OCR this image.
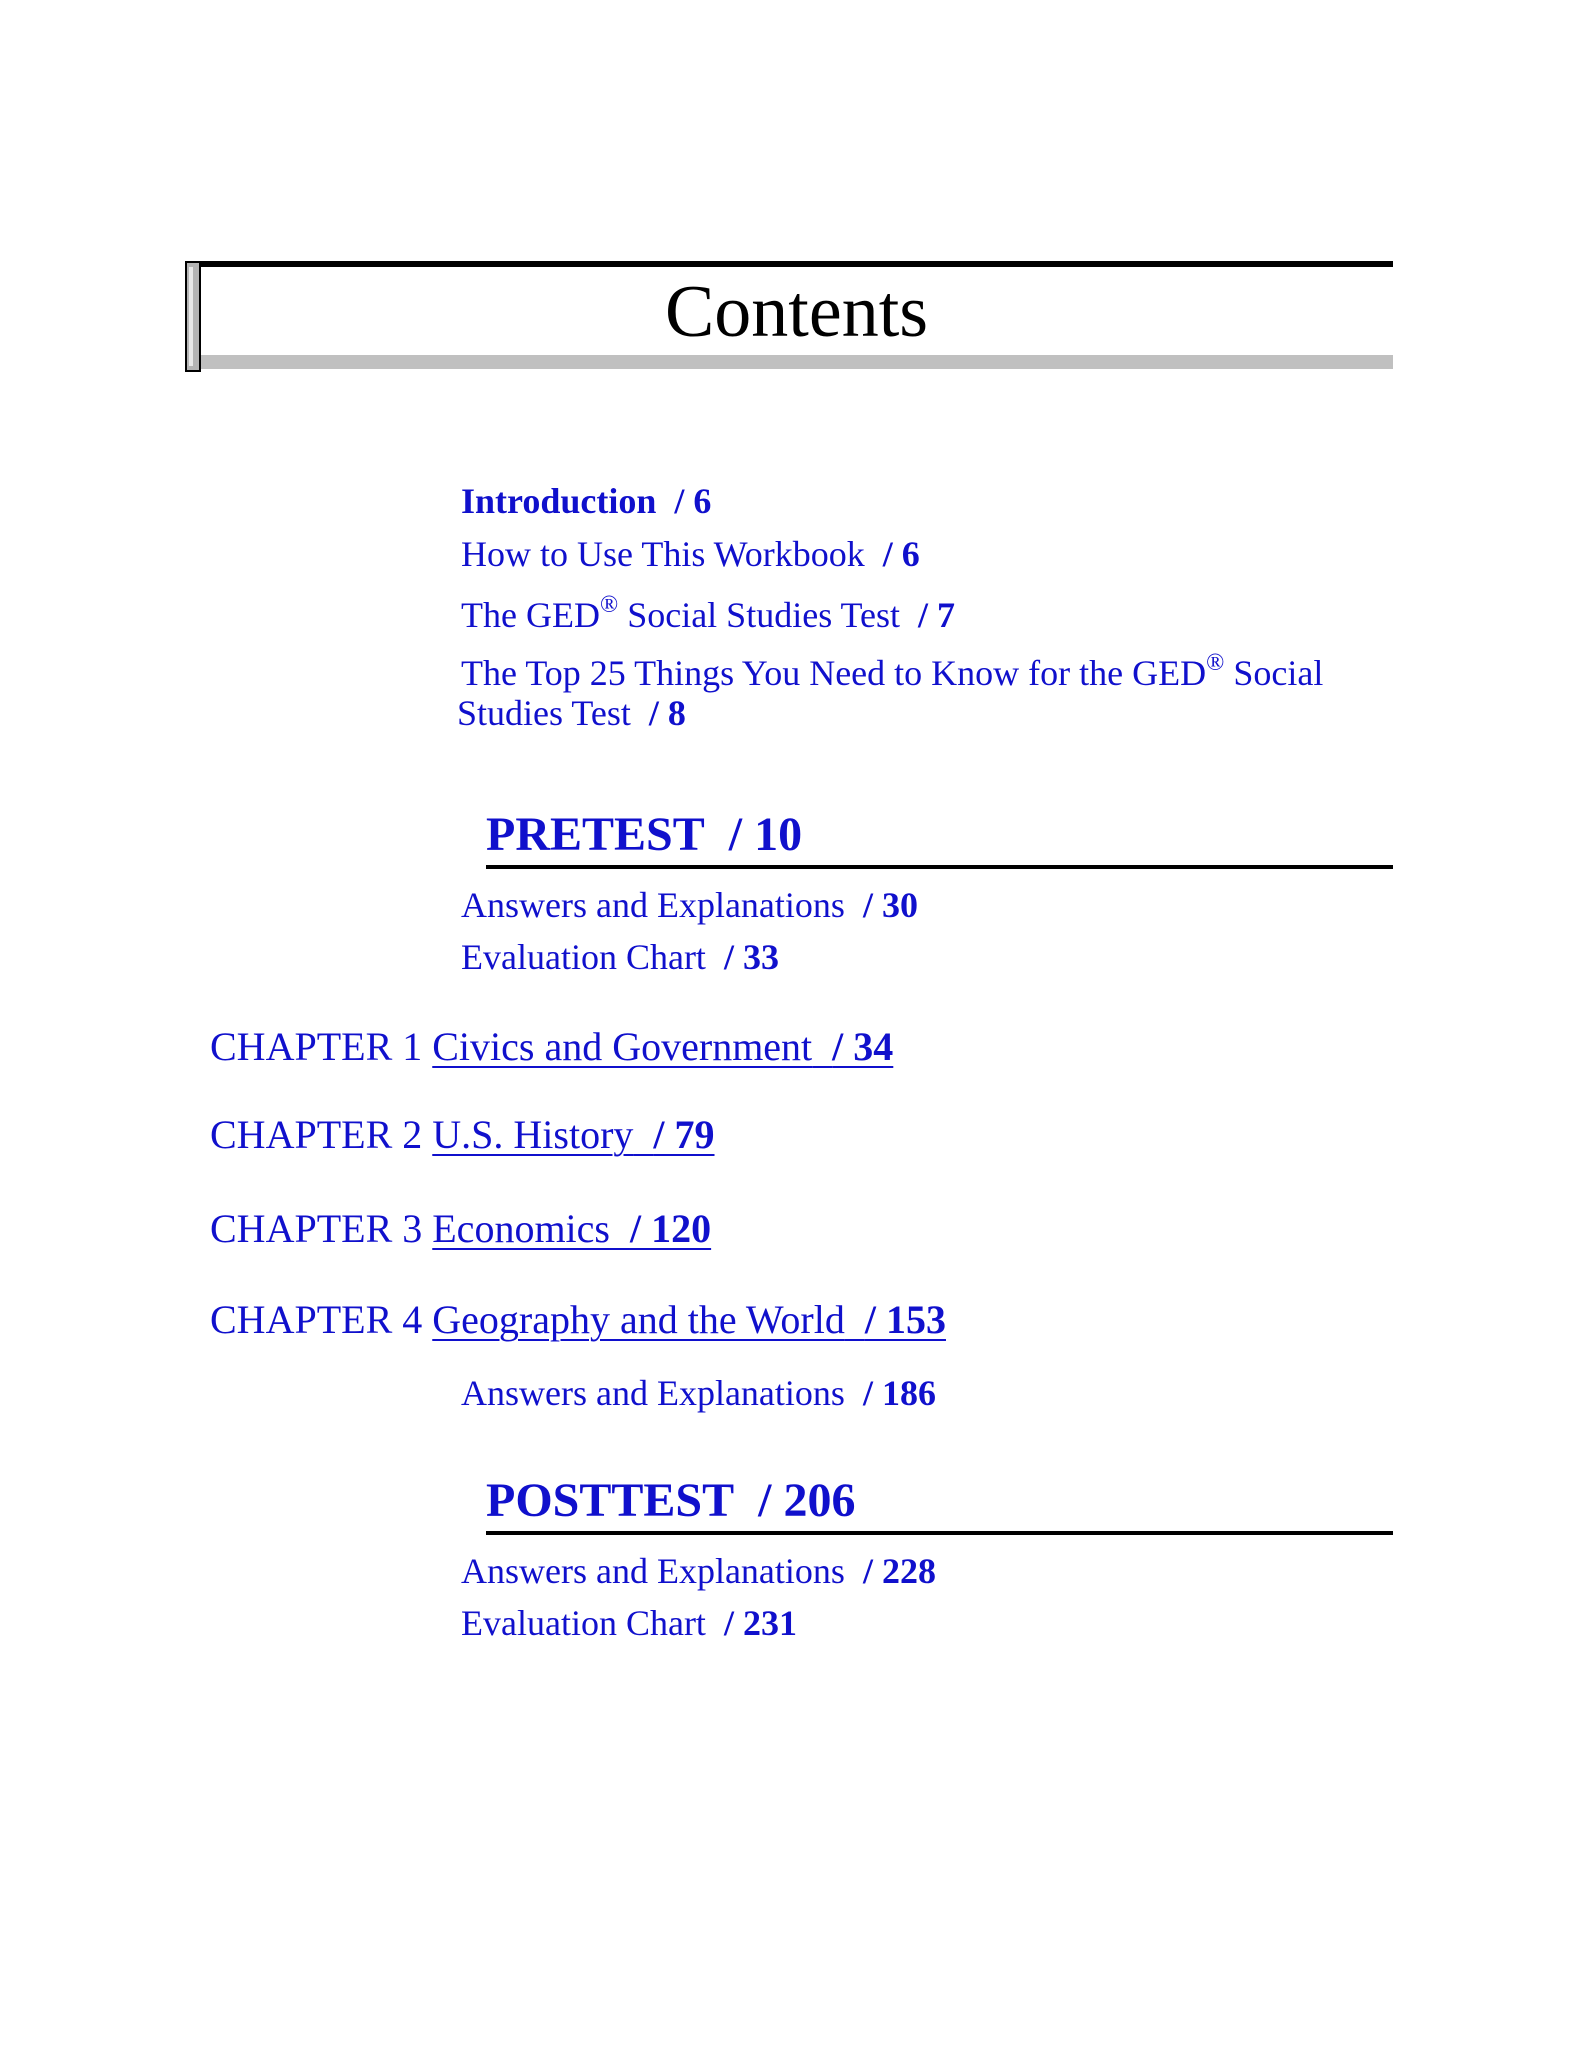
Contents
Introduction / 6
How to Use This Workbook / 6
The GED® Social Studies Test / 7
The Top 25 Things You Need to Know for the GED® Social
Studies Test / 8
PRETEST / 10
Answers and Explanations / 30
Evaluation Chart / 33
CHAPTER 1 Civics and Government / 34
CHAPTER 2 U.S. History / 79
CHAPTER 3 Economics / 120
CHAPTER 4 Geography and the World / 153
Answers and Explanations / 186
POSTTEST / 206
Answers and Explanations / 228
Evaluation Chart / 231
